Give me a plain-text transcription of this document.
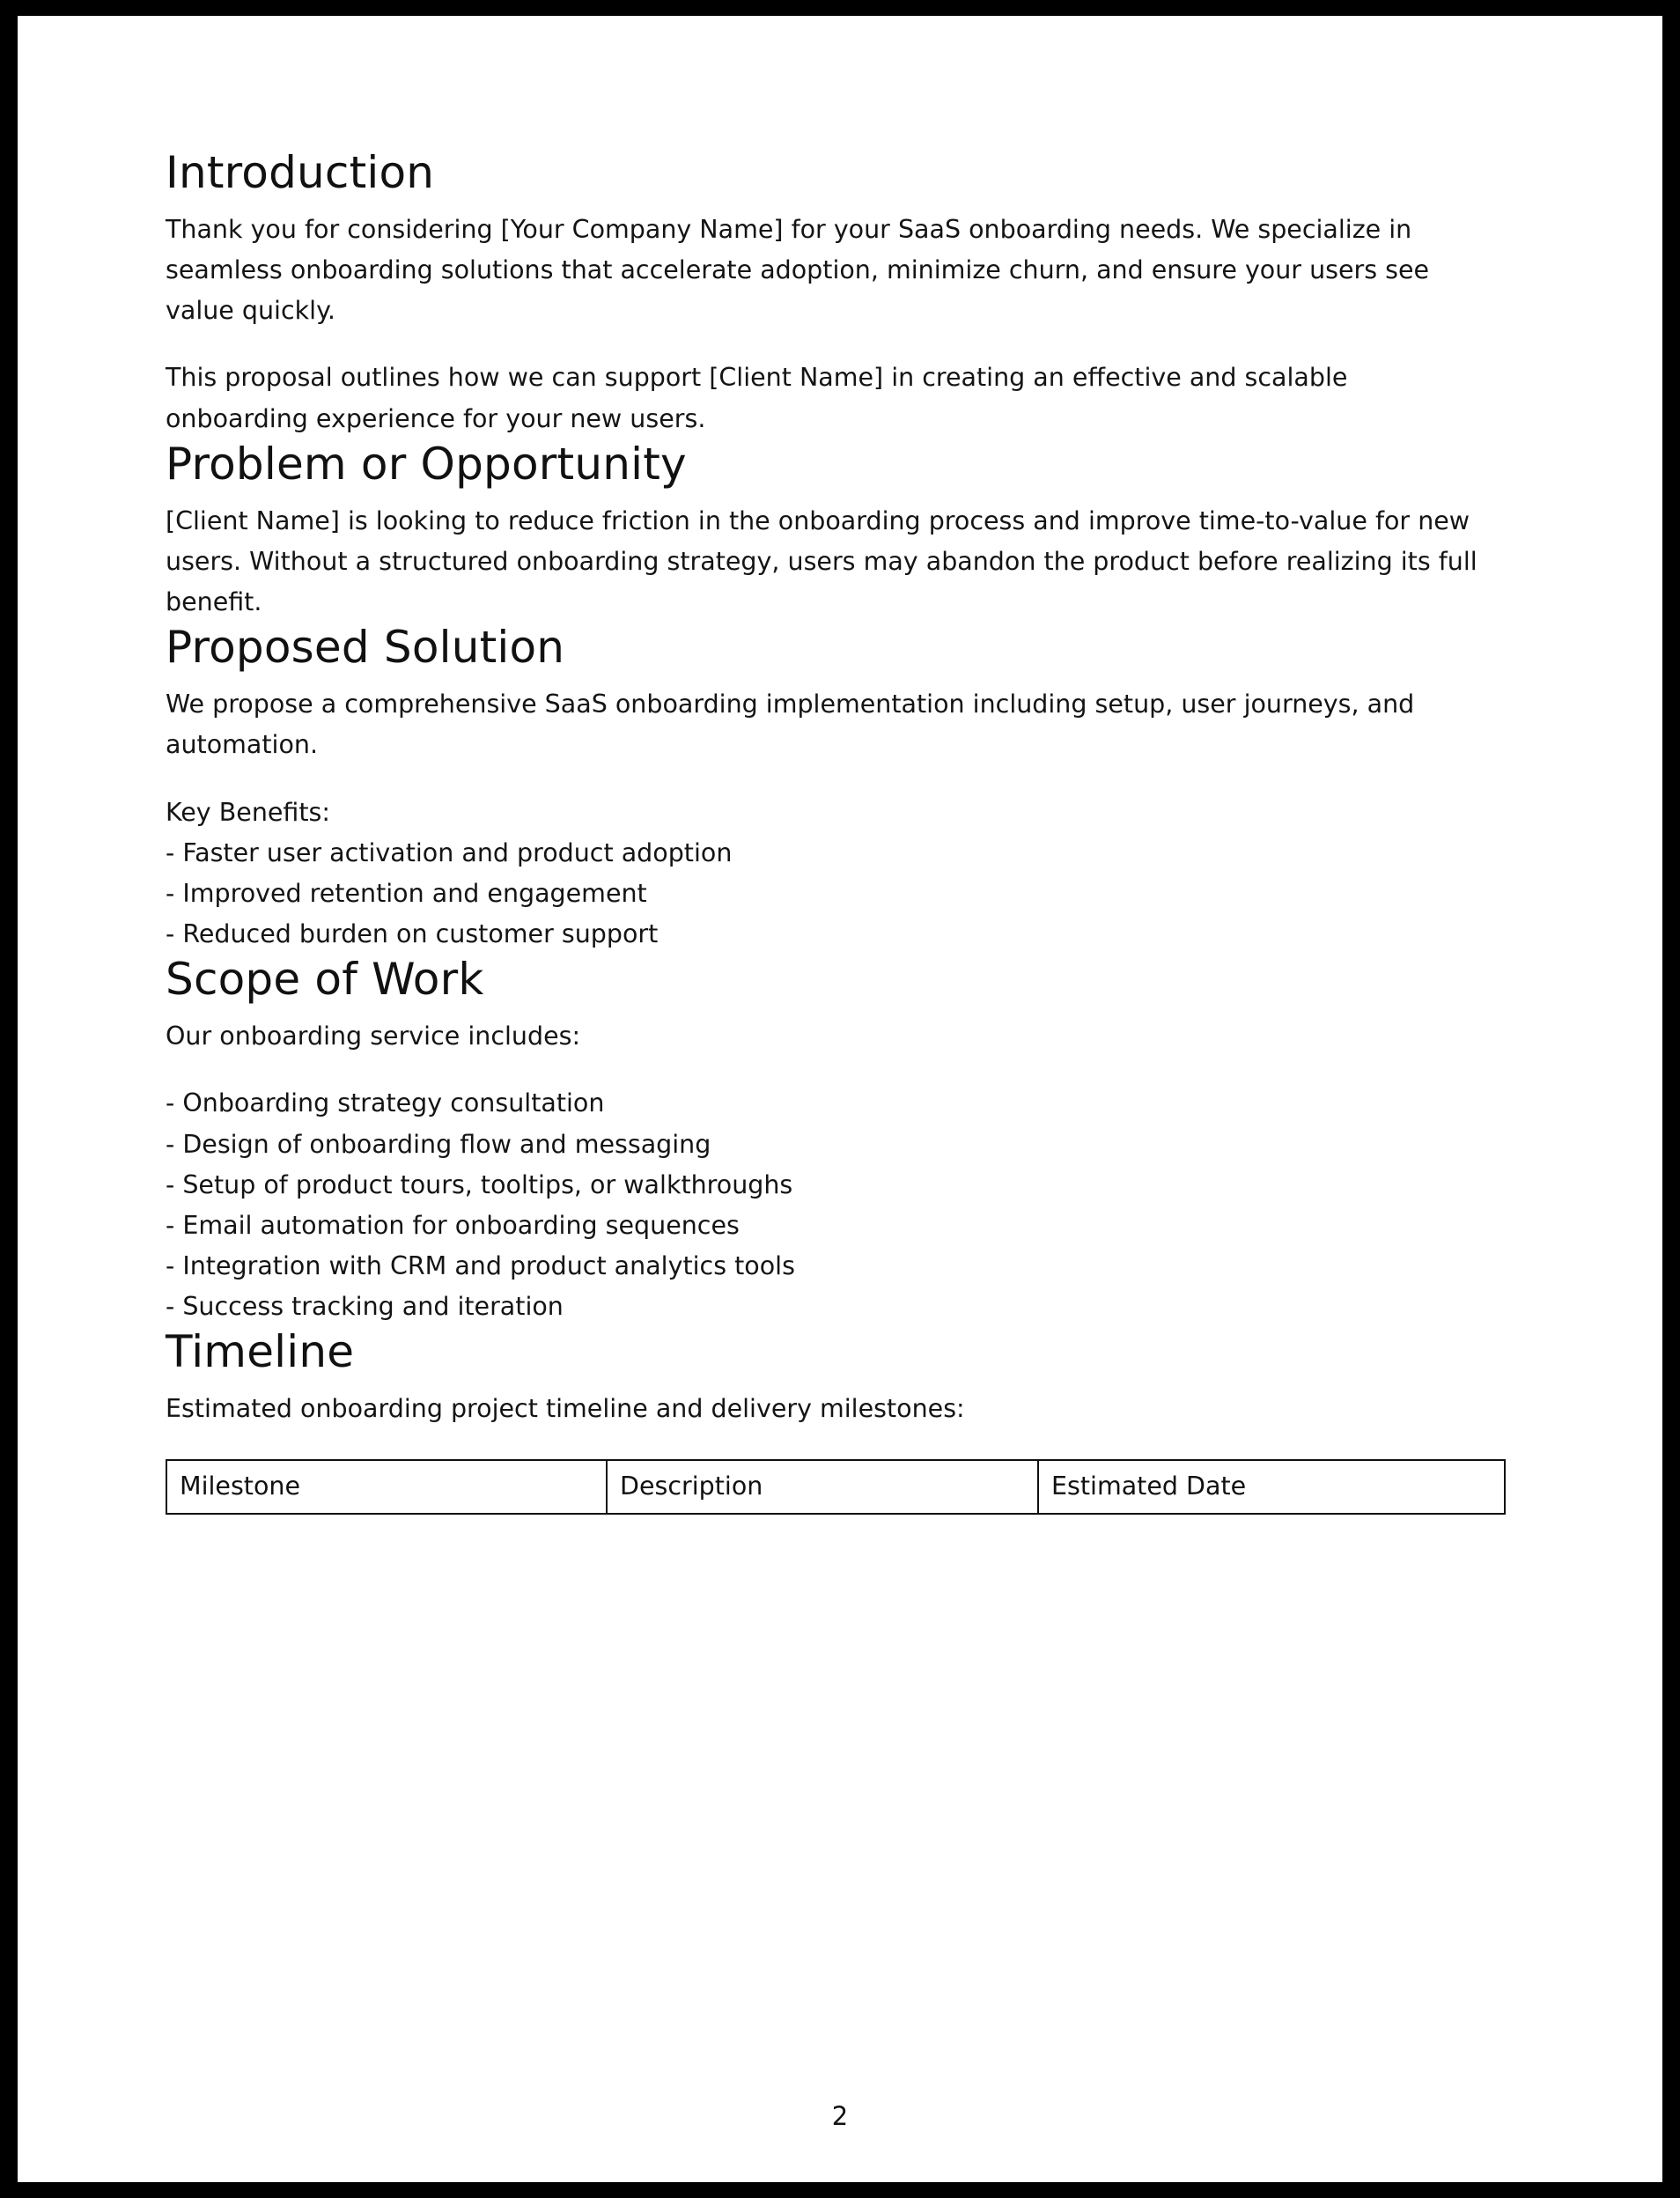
Introduction

Thank you for considering [Your Company Name] for your SaaS onboarding needs. We specialize in seamless onboarding solutions that accelerate adoption, minimize churn, and ensure your users see value quickly.

This proposal outlines how we can support [Client Name] in creating an effective and scalable onboarding experience for your new users.

Problem or Opportunity

[Client Name] is looking to reduce friction in the onboarding process and improve time-to-value for new users. Without a structured onboarding strategy, users may abandon the product before realizing its full benefit.

Proposed Solution

We propose a comprehensive SaaS onboarding implementation including setup, user journeys, and automation.

Key Benefits:

- Faster user activation and product adoption
- Improved retention and engagement
- Reduced burden on customer support
Scope of Work

Our onboarding service includes:

- Onboarding strategy consultation
- Design of onboarding flow and messaging
- Setup of product tours, tooltips, or walkthroughs
- Email automation for onboarding sequences
- Integration with CRM and product analytics tools
- Success tracking and iteration
Timeline

Estimated onboarding project timeline and delivery milestones:

Milestone	Description	Estimated Date
2
